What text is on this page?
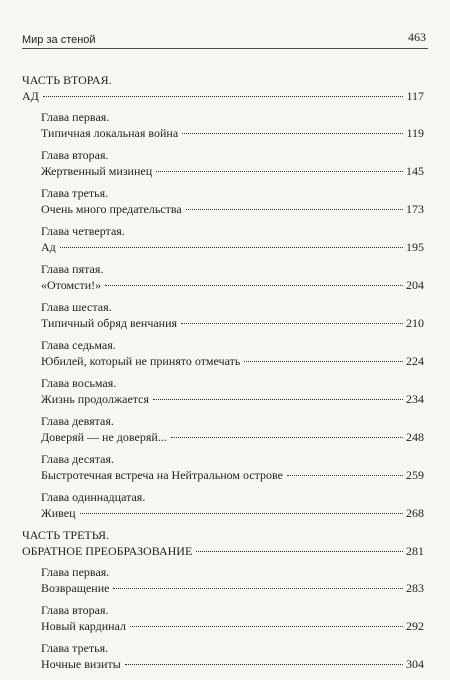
Мир за стеной	463
ЧАСТЬ ВТОРАЯ.
АД	117
Глава первая.
Типичная локальная война	119
Глава вторая.
Жертвенный мизинец	145
Глава третья.
Очень много предательства	173
Глава четвертая.
Ад	195
Глава пятая.
«Отомсти!»	204
Глава шестая.
Типичный обряд венчания	210
Глава седьмая.
Юбилей, который не принято отмечать	224
Глава восьмая.
Жизнь продолжается	234
Глава девятая.
Доверяй — не доверяй...	248
Глава десятая.
Быстротечная встреча на Нейтральном острове	259
Глава одиннадцатая.
Живец	268
ЧАСТЬ ТРЕТЬЯ.
ОБРАТНОЕ ПРЕОБРАЗОВАНИЕ	281
Глава первая.
Возвращение	283
Глава вторая.
Новый кардинал	292
Глава третья.
Ночные визиты	304
